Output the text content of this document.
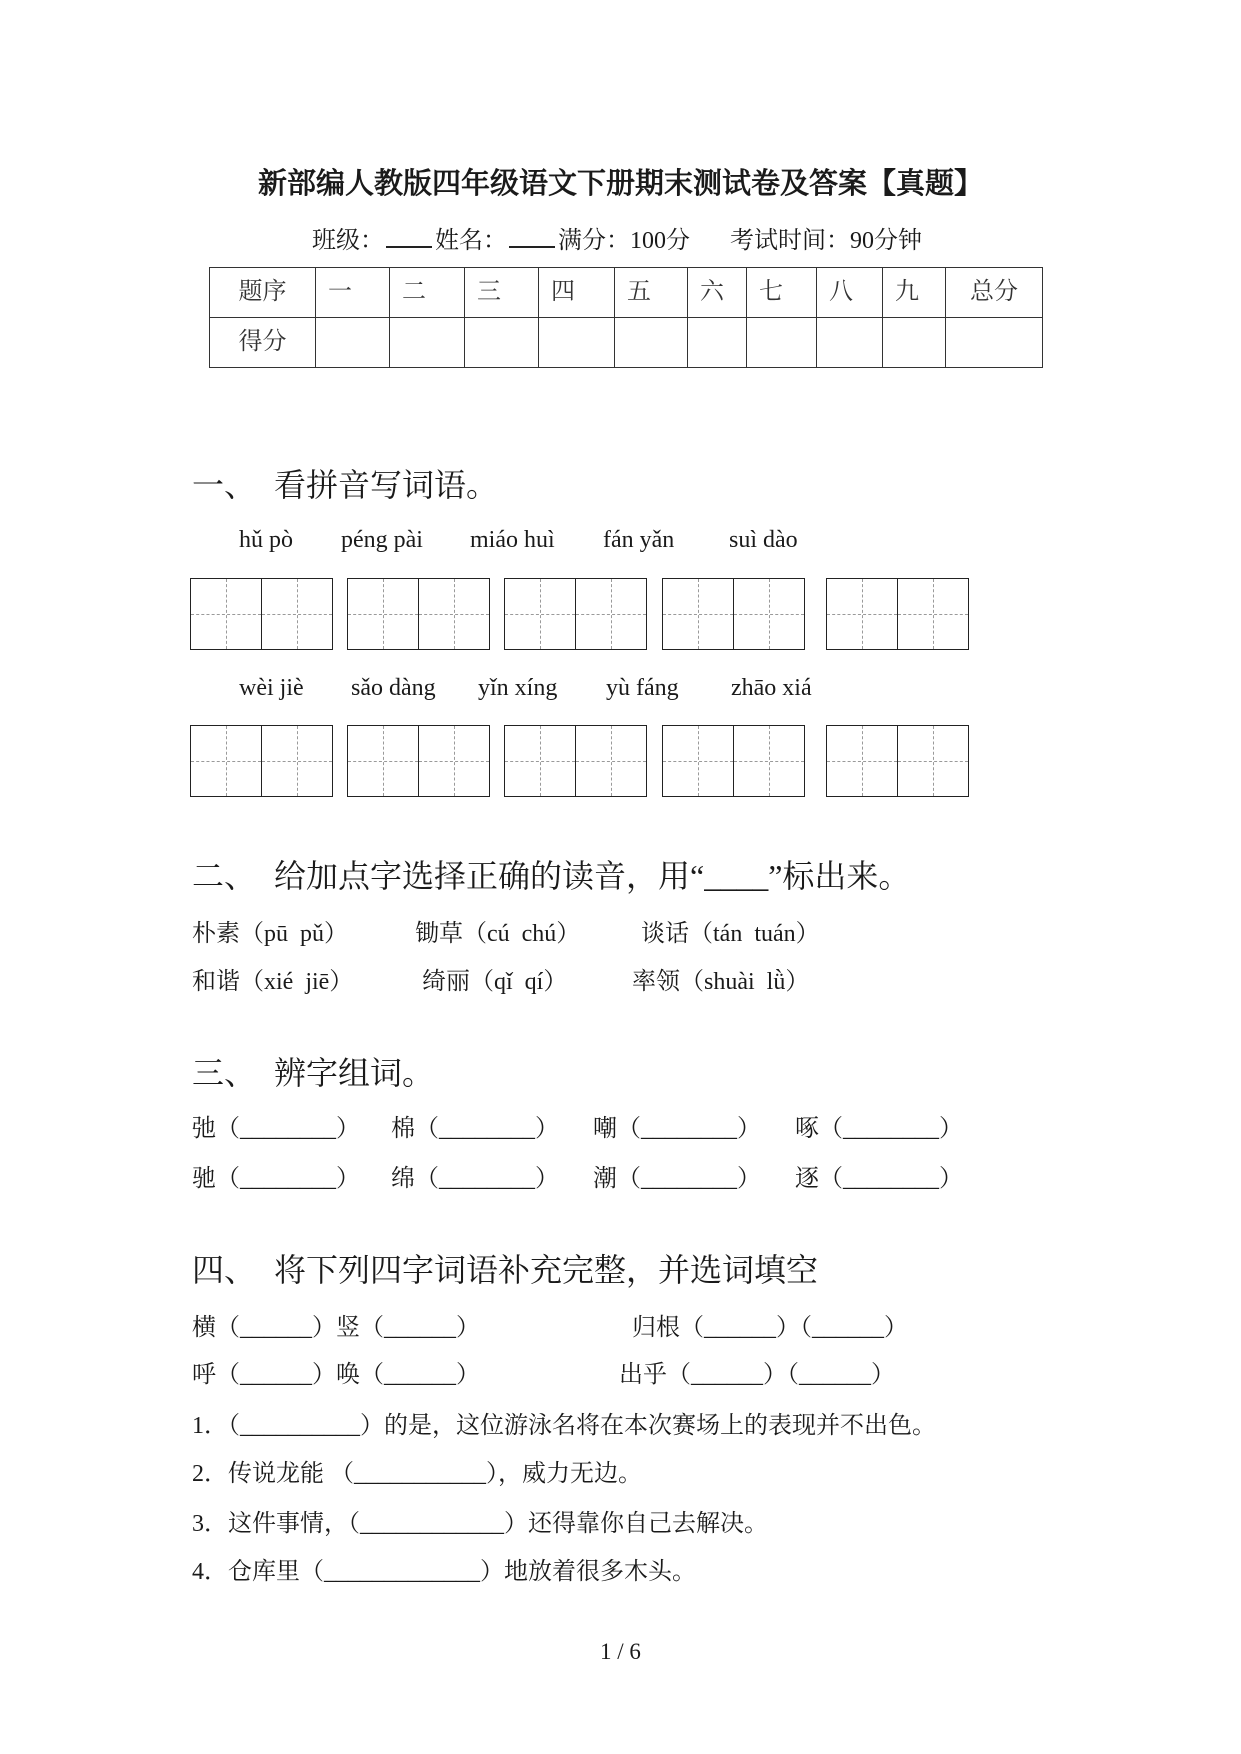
新部编人教版四年级语文下册期末测试卷及答案【真题】
班级： 姓名： 满分：100分 考试时间：90分钟
题序	一	二	三	四	五	六	七	八	九	总分
得分										
一、 看拼音写词语。
hǔ pò péng pài miáo huì fán yǎn suì dào
wèi jiè sǎo dàng yǐn xíng yù fáng zhāo xiá
二、 给加点字选择正确的读音，用“____”标出来。
朴素（pū  pǔ）	锄草（cú  chú）	谈话（tán  tuán）
和谐（xié  jiē）	绮丽（qǐ  qí）	率领（shuài  lǜ）
三、 辨字组词。
弛（________） 棉（________） 嘲（________） 啄（________）
驰（________） 绵（________） 潮（________） 逐（________）
四、 将下列四字词语补充完整，并选词填空
横（______）竖（______）	归根（______）（______）
呼（______）唤（______）	出乎（______）（______）
1．（__________）的是，这位游泳名将在本次赛场上的表现并不出色。
2．传说龙能 （___________），威力无边。
3．这件事情，（____________）还得靠你自己去解决。
4．仓库里（_____________）地放着很多木头。
1 / 6
